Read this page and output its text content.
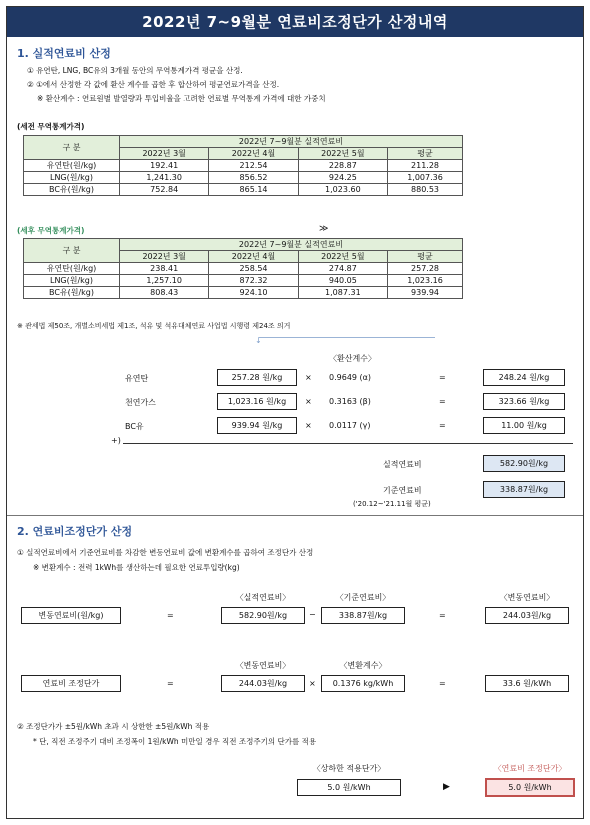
2022년 7~9월분 연료비조정단가 산정내역
1. 실적연료비 산정
① 유연탄, LNG, BC유의 3개월 동안의 무역통계가격 평균을 산정.
② ①에서 산정한 각 값에 환산 계수를 곱한 후 합산하여 평균연료가격을 산정.
※ 환산계수 : 연료원별 발열량과 투입비율을 고려한 연료별 무역통계 가격에 대한 가중치
(세전 무역통계가격)
구 분	2022년 7~9월분 실적연료비			
	2022년 3월	2022년 4월	2022년 5월	평균
유연탄(원/kg)	192.41	212.54	228.87	211.28
LNG(원/kg)	1,241.30	856.52	924.25	1,007.36
BC유(원/kg)	752.84	865.14	1,023.60	880.53
(세후 무역통계가격)	≫
구 분	2022년 7~9월분 실적연료비			
	2022년 3월	2022년 4월	2022년 5월	평균
유연탄(원/kg)	238.41	258.54	274.87	257.28
LNG(원/kg)	1,257.10	872.32	940.05	1,023.16
BC유(원/kg)	808.43	924.10	1,087.31	939.94
※ 관세법 제50조, 개별소비세법 제1조, 석유 및 석유대체연료 사업법 시행령 제24조 의거
↓
〈환산계수〉
유연탄	257.28 원/kg	× 0.9649 (α)	=	248.24 원/kg
천연가스	1,023.16 원/kg	× 0.3163 (β)	=	323.66 원/kg
BC유	939.94 원/kg	× 0.0117 (γ)	=	11.00 원/kg
+)
실적연료비	582.90원/kg
기준연료비	338.87원/kg
('20.12~'21.11월 평균)
2. 연료비조정단가 산정
① 실적연료비에서 기준연료비를 차감한 변동연료비 값에 변환계수를 곱하여 조정단가 산정
※ 변환계수 : 전력 1kWh를 생산하는데 필요한 연료투입량(kg)
〈실적연료비〉	〈기준연료비〉	〈변동연료비〉
변동연료비(원/kg)	=	582.90원/kg	−	338.87원/kg	=	244.03원/kg
〈변동연료비〉	〈변환계수〉
연료비 조정단가	=	244.03원/kg	×	0.1376 kg/kWh	=	33.6 원/kWh
② 조정단가가 ±5원/kWh 초과 시 상한한 ±5원/kWh 적용
* 단, 직전 조정주기 대비 조정폭이 1원/kWh 미만일 경우 직전 조정주기의 단가를 적용
〈상하한 적용단가〉	〈연료비 조정단가〉
5.0 원/kWh	▶	5.0 원/kWh
